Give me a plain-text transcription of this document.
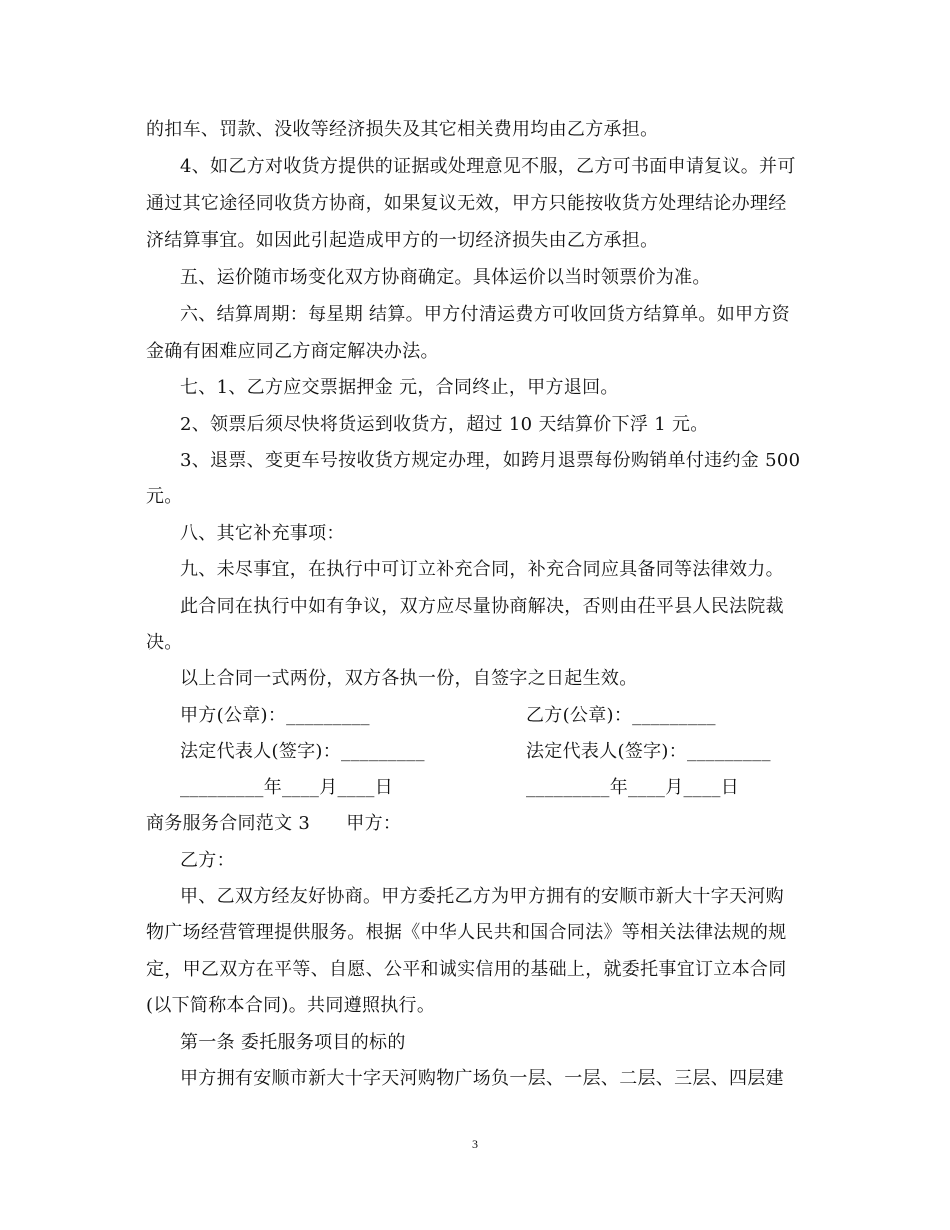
的扣车、罚款、没收等经济损失及其它相关费用均由乙方承担。
4、如乙方对收货方提供的证据或处理意见不服，乙方可书面申请复议。并可
通过其它途径同收货方协商，如果复议无效，甲方只能按收货方处理结论办理经
济结算事宜。如因此引起造成甲方的一切经济损失由乙方承担。
五、运价随市场变化双方协商确定。具体运价以当时领票价为准。
六、结算周期：每星期 结算。甲方付清运费方可收回货方结算单。如甲方资
金确有困难应同乙方商定解决办法。
七、1、乙方应交票据押金 元，合同终止，甲方退回。
2、领票后须尽快将货运到收货方，超过 10 天结算价下浮 1 元。
3、退票、变更车号按收货方规定办理，如跨月退票每份购销单付违约金 500
元。
八、其它补充事项：
九、未尽事宜，在执行中可订立补充合同，补充合同应具备同等法律效力。
此合同在执行中如有争议，双方应尽量协商解决，否则由茌平县人民法院裁
决。
以上合同一式两份，双方各执一份，自签字之日起生效。
甲方(公章)：_________	乙方(公章)：_________
法定代表人(签字)：_________	法定代表人(签字)：_________
_________年____月____日	_________年____月____日
商务服务合同范文 3      甲方：
乙方：
甲、乙双方经友好协商。甲方委托乙方为甲方拥有的安顺市新大十字天河购
物广场经营管理提供服务。根据《中华人民共和国合同法》等相关法律法规的规
定，甲乙双方在平等、自愿、公平和诚实信用的基础上，就委托事宜订立本合同
(以下简称本合同)。共同遵照执行。
第一条 委托服务项目的标的
甲方拥有安顺市新大十字天河购物广场负一层、一层、二层、三层、四层建
3
